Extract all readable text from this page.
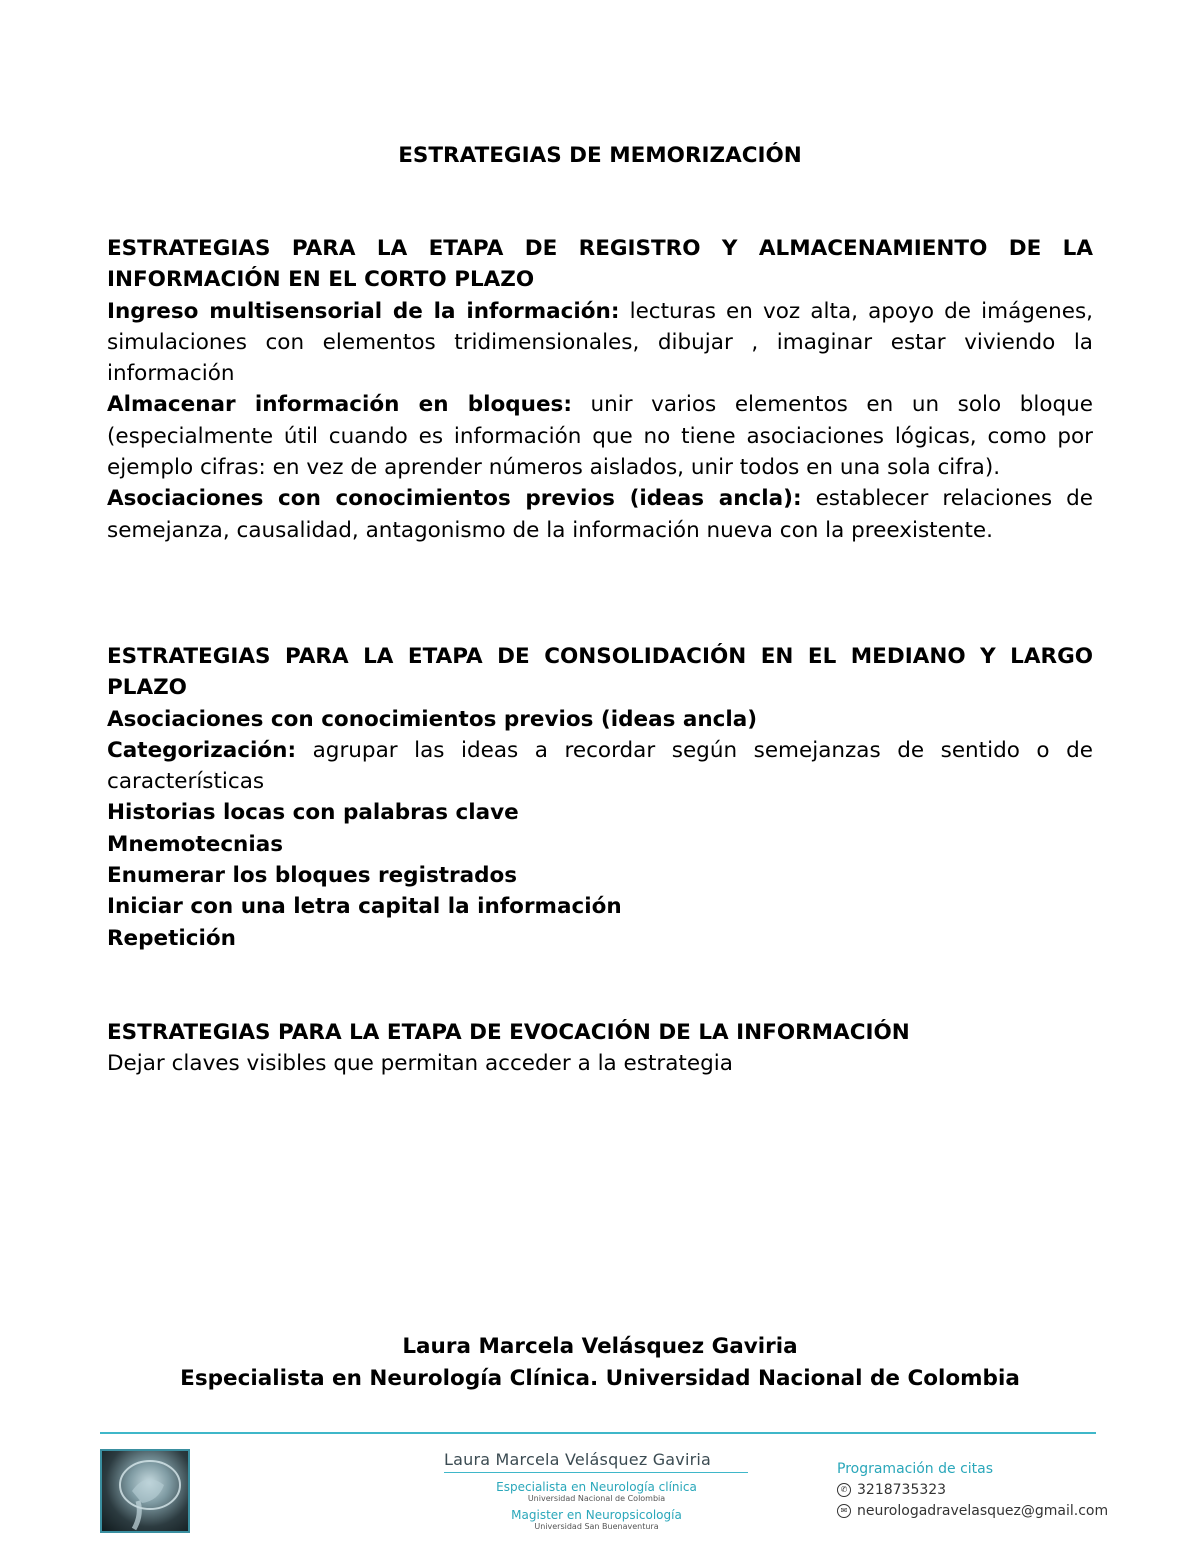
ESTRATEGIAS DE MEMORIZACIÓN

ESTRATEGIAS PARA LA ETAPA DE REGISTRO Y ALMACENAMIENTO DE LA INFORMACIÓN EN EL CORTO PLAZO

Ingreso multisensorial de la información: lecturas en voz alta, apoyo de imágenes, simulaciones con elementos tridimensionales, dibujar , imaginar estar viviendo la información

Almacenar información en bloques: unir varios elementos en un solo bloque (especialmente útil cuando es información que no tiene asociaciones lógicas, como por ejemplo cifras: en vez de aprender números aislados, unir todos en una sola cifra).

Asociaciones con conocimientos previos (ideas ancla): establecer relaciones de semejanza, causalidad, antagonismo de la información nueva con la preexistente.

ESTRATEGIAS PARA LA ETAPA DE CONSOLIDACIÓN EN EL MEDIANO Y LARGO PLAZO

Asociaciones con conocimientos previos (ideas ancla)

Categorización: agrupar las ideas a recordar según semejanzas de sentido o de características

Historias locas con palabras clave

Mnemotecnias

Enumerar los bloques registrados

Iniciar con una letra capital la información

Repetición

ESTRATEGIAS PARA LA ETAPA DE EVOCACIÓN DE LA INFORMACIÓN

Dejar claves visibles que permitan acceder a la estrategia

Laura Marcela Velásquez Gaviria
Especialista en Neurología Clínica. Universidad Nacional de Colombia
Laura Marcela Velásquez Gaviria
Especialista en Neurología clínica
Universidad Nacional de Colombia
Magister en Neuropsicología
Universidad San Buenaventura
Programación de citas
✆ 3218735323
✉ neurologadravelasquez@gmail.com
